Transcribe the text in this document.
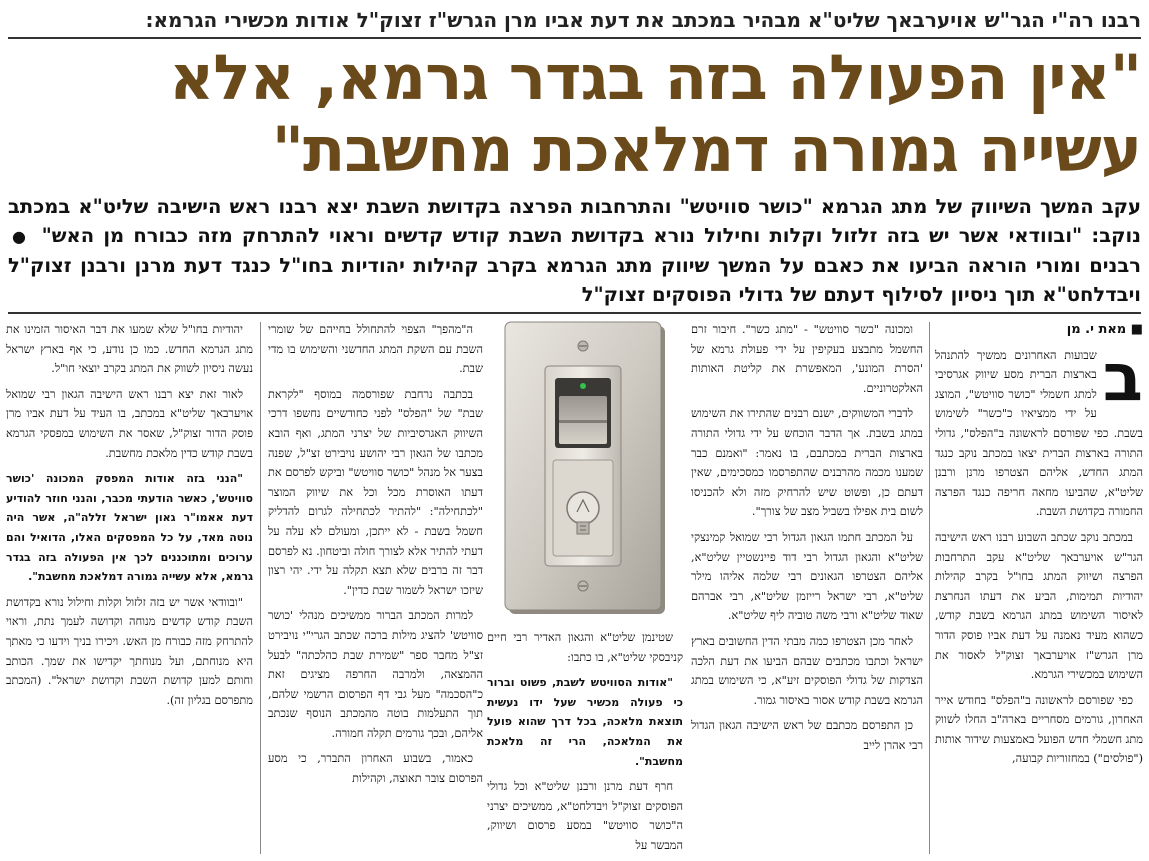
רבנו רה"י הגר"ש אויערבאך שליט"א מבהיר במכתב את דעת אביו מרן הגרש"ז זצוק"ל אודות מכשירי הגרמא:
"אין הפעולה בזה בגדר גרמא, אלא
עשייה גמורה דמלאכת מחשבת"
עקב המשך השיווק של מתג הגרמא "כושר סוויטש" והתרחבות הפרצה בקדושת השבת יצא רבנו ראש הישיבה שליט"א במכתב נוקב: "ובוודאי אשר יש בזה זלזול וקלות וחילול נורא בקדושת השבת קודש קדשים וראוי להתרחק מזה כבורח מן האש" ● רבנים ומורי הוראה הביעו את כאבם על המשך שיווק מתג הגרמא בקרב קהילות יהודיות בחו"ל כנגד דעת מרנן ורבנן זצוק"ל ויבדלחט"א תוך ניסיון לסילוף דעתם של גדולי הפוסקים זצוק"ל

■ מאת י. מן

ב

שבועות האחרונים ממשיך להתנהל בארצות הברית מסע שיווק אגרסיבי למתג חשמלי "כושר סוויטש", המוצג על ידי ממציאיו כ"כשר" לשימוש בשבת. כפי שפורסם לראשונה ב"הפלס", גדולי התורה בארצות הברית יצאו במכתב נוקב כנגד המתג החדש, אליהם הצטרפו מרנן ורבנן שליט"א, שהביעו מחאה חריפה כנגד הפרצה החמורה בקדושת השבת.

במכתב נוקב שכתב השבוע רבנו ראש הישיבה הגר"ש אויערבאך שליט"א עקב התרחבות הפרצה ושיווק המתג בחו"ל בקרב קהילות יהודיות תמימות, הביע את דעתו הנחרצת לאיסור השימוש במתג הגרמא בשבת קודש, כשהוא מעיד נאמנה על דעת אביו פוסק הדור מרן הגרש"ז אויערבאך זצוק"ל לאסור את השימוש במכשירי הגרמא.

כפי שפורסם לראשונה ב"הפלס" בחודש אייר האחרון, גורמים מסחריים בארה"ב החלו לשווק מתג חשמלי חדש הפועל באמצעות שידור אותות ("פולסים") במחזוריות קבועה,

ומכונה "כשר סוויטש" - "מתג כשר". חיבור זרם החשמל מתבצע בעקיפין על ידי פעולת גרמא של 'הסרת המונע', המאפשרת את קליטת האותות האלקטרוניים.

לדברי המשווקים, ישנם רבנים שהתירו את השימוש במתג בשבת. אך הדבר הוכחש על ידי גדולי התורה בארצות הברית במכתבם, בו נאמר: "ואמנם כבר שמענו מכמה מהרבנים שהתפרסמו כמסכימים, שאין דעתם כן, ופשוט שיש להרחיק מזה ולא להכניסו לשום בית אפילו בשביל מצב של צורך".

על המכתב חתמו הגאון הגדול רבי שמואל קמינצקי שליט"א והגאון הגדול רבי דוד פיינשטיין שליט"א, אליהם הצטרפו הגאונים רבי שלמה אליהו מילר שליט"א, רבי ישראל רייזמן שליט"א, רבי אברהם שאוד שליט"א ורבי משה טוביה ליף שליט"א.

לאחר מכן הצטרפו כמה מבתי הדין החשובים בארץ ישראל וכתבו מכתבים שבהם הביעו את דעת הלכה הצדקות של גדולי הפוסקים זיע"א, כי השימוש במתג הגרמא בשבת קודש אסור באיסור גמור.

כן התפרסם מכתבם של ראש הישיבה הגאון הגדול רבי אהרן לייב

שטינמן שליט"א והגאון האדיר רבי חיים קניבסקי שליט"א, בו כתבו:

"אודות הסוויטש לשבת, פשוט וברור כי פעולה מכשיר שעל ידו נעשית תוצאת מלאכה, בכל דרך שהוא פועל את המלאכה, הרי זה מלאכת מחשבת".

חרף דעת מרנן ורבנן שליט"א וכל גדולי הפוסקים זצוק"ל ויבדלחט"א, ממשיכים יצרני ה"כושר סוויטש" במסע פרסום ושיווק, המבשר על

ה"מהפך" הצפוי להתחולל בחייהם של שומרי השבת עם השקת המתג החדשני והשימוש בו מדי שבת.

בכתבה נרחבת שפורסמה במוסף "לקראת שבת" של "הפלס" לפני כחודשיים נחשפו דרכי השיווק האגרסיביות של יצרני המתג, ואף הובא מכתבו של הגאון רבי יהושע נויבירט זצ"ל, שפנה בצער אל מנהל "כושר סוויטש" וביקש לפרסם את דעתו האוסרת מכל וכל את שיווק המוצר "לכתחילה": "להתיר לכתחילה לגרום להדליק חשמל בשבת - לא ייתכן, ומעולם לא עלה על דעתי להתיר אלא לצורך חולה וביטחון. נא לפרסם דבר זה ברבים שלא תצא תקלה על ידי. יהי רצון שיזכו ישראל לשמור שבת כדין".

למרות המכתב הברור ממשיכים מנהלי 'כושר סוויטש' להציג מילות ברכה שכתב הגרי"י נויבירט זצ"ל מחבר ספר "שמירת שבת כהלכתה" לבעל ההמצאה, ולמרבה החרפה מציגים זאת כ"הסכמה" מעל גבי דף הפרסום הרשמי שלהם, תוך התעלמות בוטה מהמכתב הנוסף שנכתב אליהם, ובכך גורמים תקלה חמורה.

כאמור, בשבוע האחרון התברר, כי מסע הפרסום צובר תאוצה, וקהילות

יהודיות בחו"ל שלא שמעו את דבר האיסור הזמינו את מתג הגרמא החדש. כמו כן נודע, כי אף בארץ ישראל נעשה ניסיון לשווק את המתג בקרב יוצאי חו"ל.

לאור זאת יצא רבנו ראש הישיבה הגאון רבי שמואל אויערבאך שליט"א במכתב, בו העיד על דעת אביו מרן פוסק הדור זצוק"ל, שאסר את השימוש במפסקי הגרמא בשבת קודש כדין מלאכת מחשבת.

"הנני בזה אודות המפסק המכונה 'כושר סוויטש', כאשר הודעתי מכבר, והנני חוזר להודיע דעת אאמו"ר גאון ישראל זללה"ה, אשר היה נוטה מאד, על כל המפסקים האלו, הדואיל והם ערוכים ומתוכננים לכך אין הפעולה בזה בגדר גרמא, אלא עשייה גמורה דמלאכת מחשבת".

"ובוודאי אשר יש בזה זלזול וקלות וחילול נורא בקדושת השבת קודש קדשים מנוחה וקדושה לעמך נתת, וראוי להתרחק מזה כבורח מן האש. ויכירו בניך וידעו כי מאתך היא מנוחתם, ועל מנוחתך יקדישו את שמך. הכותב וחותם למען קדושת השבת וקדושת ישראל". (המכתב מתפרסם בגליון זה).
